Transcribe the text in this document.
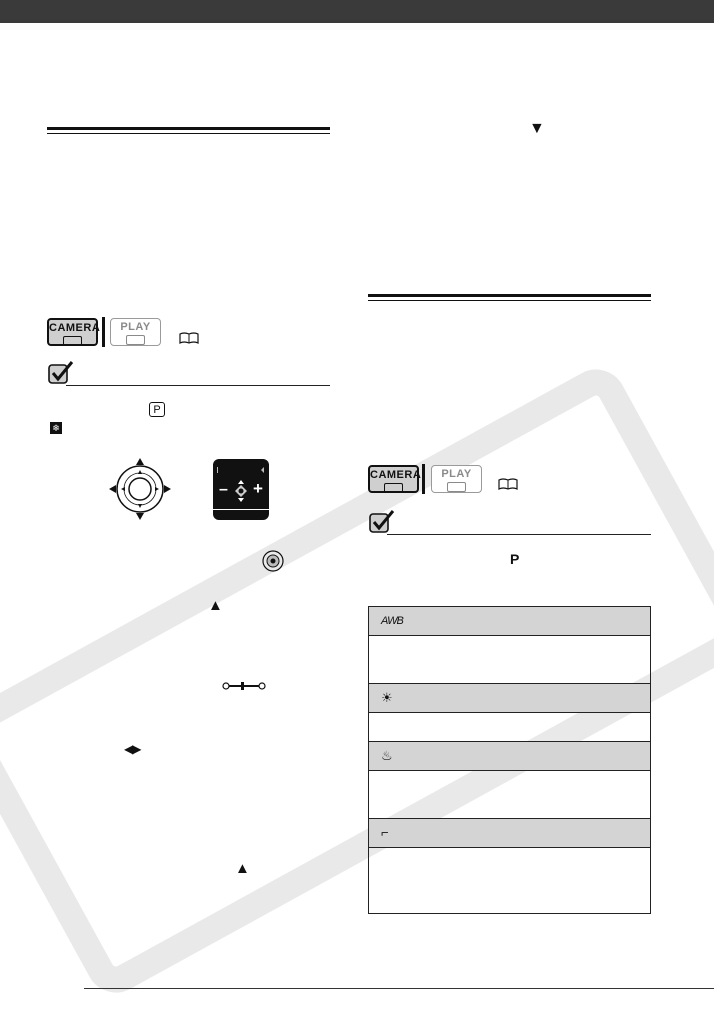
CAMERA	PLAY
P
❄
– +
▲
◀▶
▲
▼
CAMERA	PLAY
P
AWB
☀
♨
⌐
